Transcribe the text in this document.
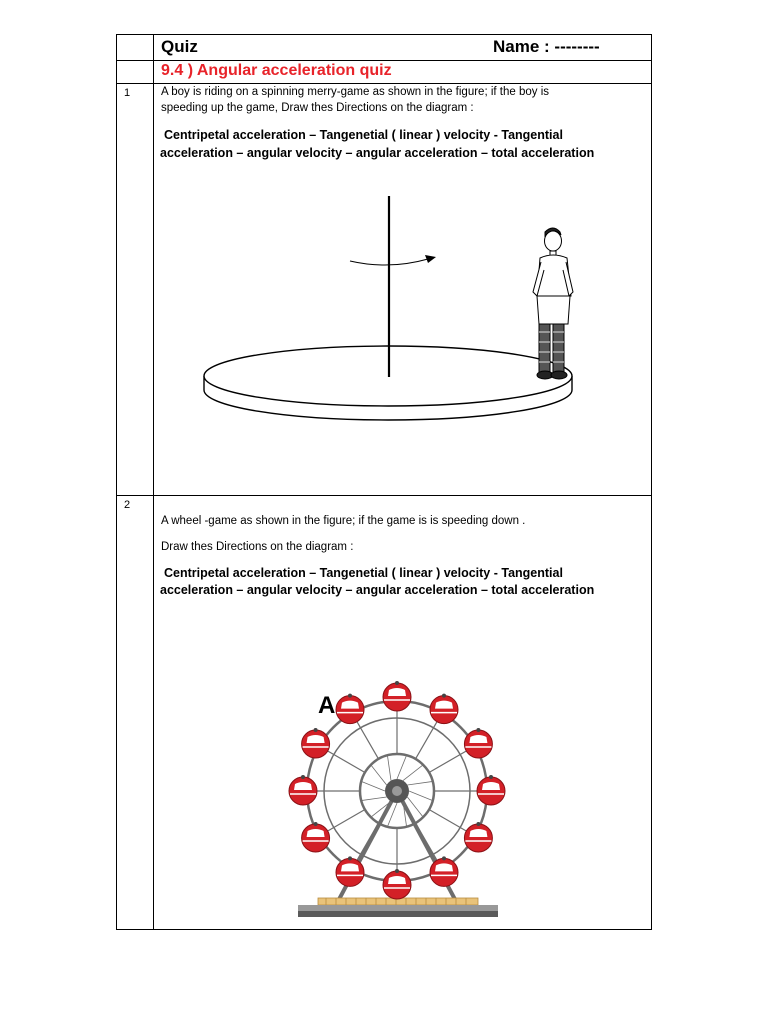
Quiz	Name : --------
9.4 ) Angular acceleration quiz
1	A boy is riding on a spinning merry-game as shown in the figure; if the boy is
speeding up the game, Draw thes Directions on the diagram :
Centripetal acceleration – Tangenetial ( linear ) velocity - Tangential
acceleration – angular velocity – angular acceleration – total acceleration
2
A wheel -game as shown in the figure; if the game is is speeding down .
Draw thes Directions on the diagram :
Centripetal acceleration – Tangenetial ( linear ) velocity - Tangential
acceleration – angular velocity – angular acceleration – total acceleration
A
